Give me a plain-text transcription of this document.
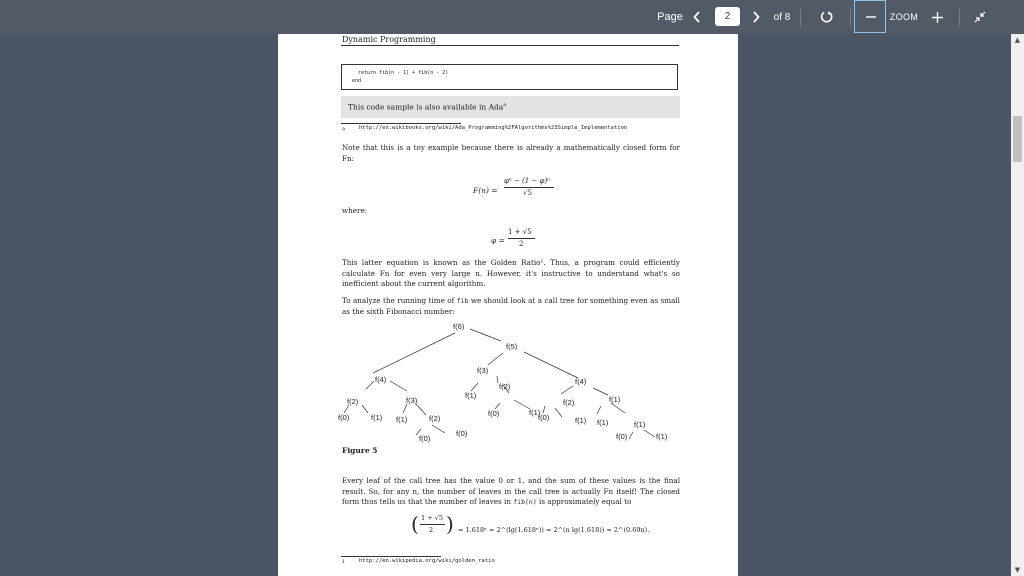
Page	2	of 8	ZOOM
Dynamic Programming
return fib(n - 1) + fib(n - 2)
end
This code sample is also available in Ada$^a$
a	http://en.wikibooks.org/wiki/Ada_Programming%2FAlgorithms%23Simple_Implementation
Note that this is a toy example because there is already a mathematically closed form for Fn:
F(n) =
φⁿ − (1 − φ)ⁿ
√5
where:
φ =
1 + √5
2
This latter equation is known as the Golden Ratio¹. Thus, a program could efficiently calculate Fn for even very large n. However, it's instructive to understand what's so inefficient about the current algorithm.
To analyze the running time of fib we should look at a call tree for something even as small as the sixth Fibonacci number:
f(6)
f(5)
f(4)
f(4)
f(3)
f(2)	f(3)
f(2)
f(1)
f(0)	f(1) f(1)	f(2)
f(0)	f(1)
f(2)	f(1)
f(0)	f(1) f(1)	f(1)
f(0)
f(0)	f(0)	f(1)
Figure 5
Every leaf of the call tree has the value 0 or 1, and the sum of these values is the final result. So, for any n, the number of leaves in the call tree is actually Fn itself! The closed form thus tells us that the number of leaves in fib(n) is approximately equal to
( 1 + √5
2 ) ≈ 1.618ⁿ = 2^(lg(1.618ⁿ)) = 2^(n lg(1.618)) ≈ 2^(0.69n).
1	http://en.wikipedia.org/wiki/golden_ratio
▲
▼
